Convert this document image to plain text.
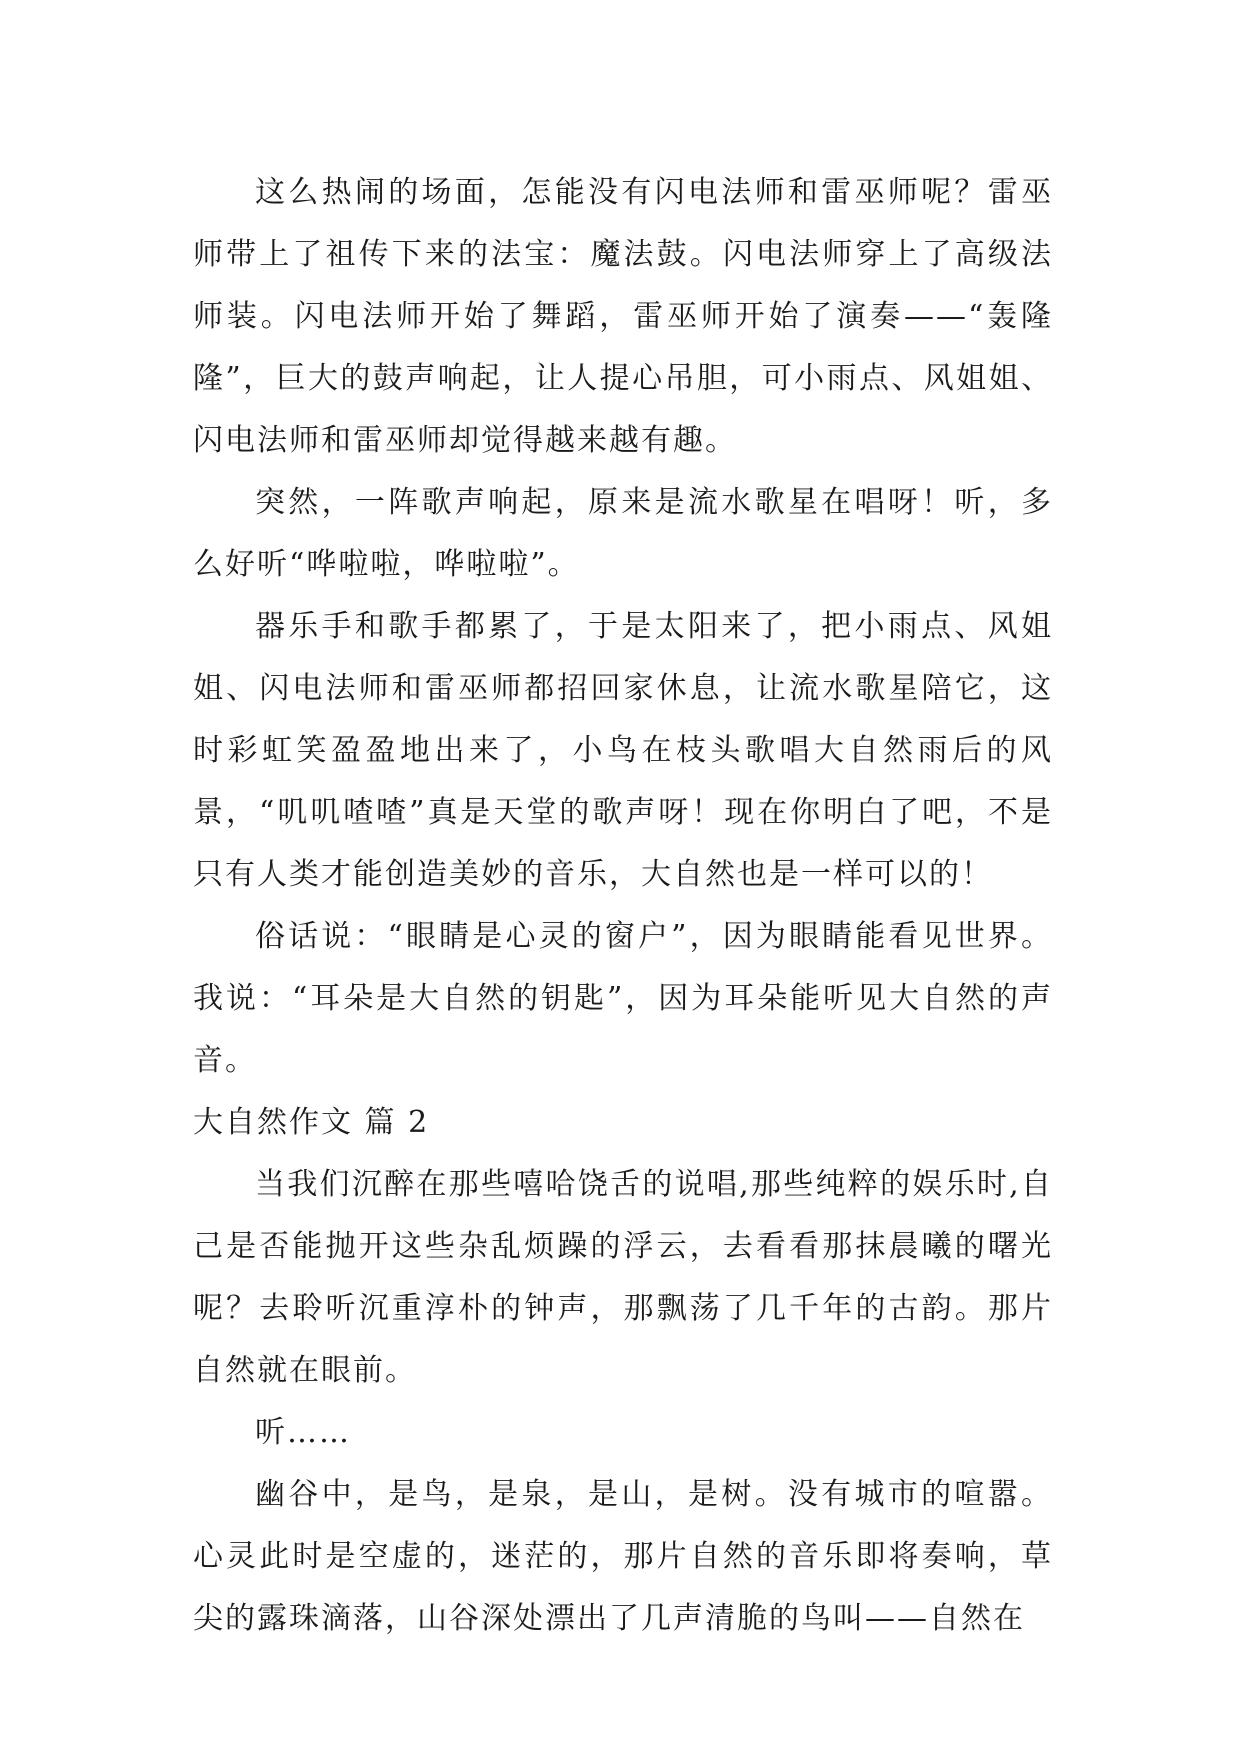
这么热闹的场面，怎能没有闪电法师和雷巫师呢？雷巫师带上了祖传下来的法宝：魔法鼓。闪电法师穿上了高级法师装。闪电法师开始了舞蹈，雷巫师开始了演奏——“轰隆隆”，巨大的鼓声响起，让人提心吊胆，可小雨点、风姐姐、闪电法师和雷巫师却觉得越来越有趣。

突然，一阵歌声响起，原来是流水歌星在唱呀！听，多么好听“哗啦啦，哗啦啦”。

器乐手和歌手都累了，于是太阳来了，把小雨点、风姐姐、闪电法师和雷巫师都招回家休息，让流水歌星陪它，这时彩虹笑盈盈地出来了，小鸟在枝头歌唱大自然雨后的风景，“叽叽喳喳”真是天堂的歌声呀！现在你明白了吧，不是只有人类才能创造美妙的音乐，大自然也是一样可以的！

俗话说：“眼睛是心灵的窗户”，因为眼睛能看见世界。我说：“耳朵是大自然的钥匙”，因为耳朵能听见大自然的声音。

大自然作文 篇 2

当我们沉醉在那些嘻哈饶舌的说唱,那些纯粹的娱乐时,自己是否能抛开这些杂乱烦躁的浮云，去看看那抹晨曦的曙光呢？去聆听沉重淳朴的钟声，那飘荡了几千年的古韵。那片自然就在眼前。

听……

幽谷中，是鸟，是泉，是山，是树。没有城市的喧嚣。心灵此时是空虚的，迷茫的，那片自然的音乐即将奏响，草尖的露珠滴落，山谷深处漂出了几声清脆的鸟叫——自然在
